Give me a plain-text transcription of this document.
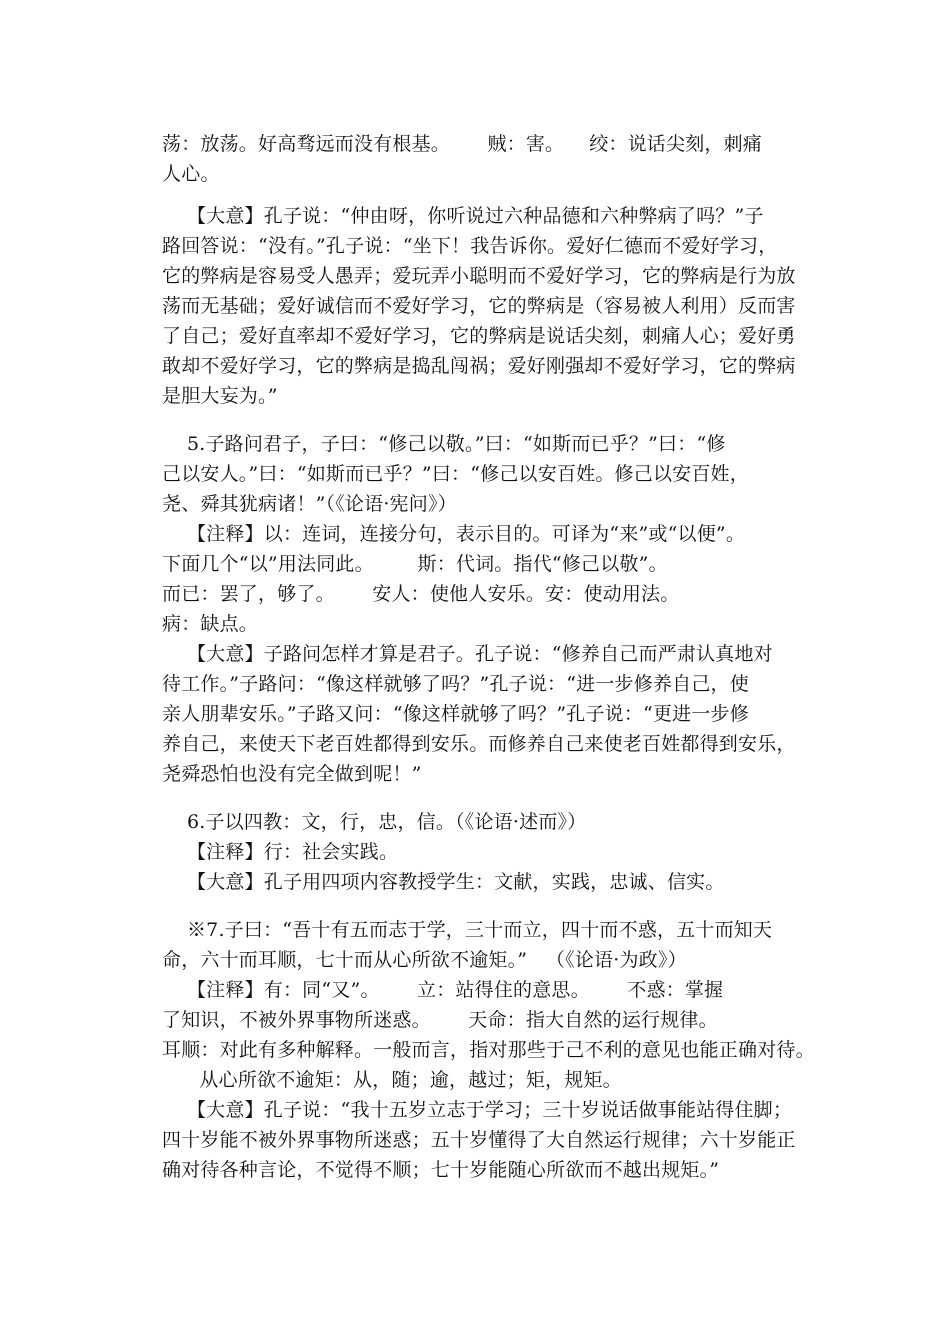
荡：放荡。好高骛远而没有根基。      贼：害。    绞：说话尖刻，刺痛
人心。
【大意】孔子说：“仲由呀，你听说过六种品德和六种弊病了吗？”子
路回答说：“没有。”孔子说：“坐下！我告诉你。爱好仁德而不爱好学习，
它的弊病是容易受人愚弄；爱玩弄小聪明而不爱好学习，它的弊病是行为放
荡而无基础；爱好诚信而不爱好学习，它的弊病是（容易被人利用）反而害
了自己；爱好直率却不爱好学习，它的弊病是说话尖刻，刺痛人心；爱好勇
敢却不爱好学习，它的弊病是捣乱闯祸；爱好刚强却不爱好学习，它的弊病
是胆大妄为。”
5.子路问君子，子曰：“修己以敬。”曰：“如斯而已乎？”曰：“修
己以安人。”曰：“如斯而已乎？”曰：“修己以安百姓。修己以安百姓，
尧、舜其犹病诸！”（《论语·宪问》）
【注释】以：连词，连接分句，表示目的。可译为“来”或“以便”。
下面几个“以”用法同此。       斯：代词。指代“修己以敬”。
而已：罢了，够了。      安人：使他人安乐。安：使动用法。
病：缺点。
【大意】子路问怎样才算是君子。孔子说：“修养自己而严肃认真地对
待工作。”子路问：“像这样就够了吗？”孔子说：“进一步修养自己，使
亲人朋辈安乐。”子路又问：“像这样就够了吗？”孔子说：“更进一步修
养自己，来使天下老百姓都得到安乐。而修养自己来使老百姓都得到安乐，
尧舜恐怕也没有完全做到呢！”
6.子以四教：文，行，忠，信。（《论语·述而》）
【注释】行：社会实践。
【大意】孔子用四项内容教授学生：文献，实践，忠诚、信实。
※7.子曰：“吾十有五而志于学，三十而立，四十而不惑，五十而知天
命，六十而耳顺，七十而从心所欲不逾矩。”   （《论语·为政》）
【注释】有：同“又”。      立：站得住的意思。      不惑：掌握
了知识，不被外界事物所迷惑。      天命：指大自然的运行规律。
耳顺：对此有多种解释。一般而言，指对那些于己不利的意见也能正确对待。
从心所欲不逾矩：从，随；逾，越过；矩，规矩。
【大意】孔子说：“我十五岁立志于学习；三十岁说话做事能站得住脚；
四十岁能不被外界事物所迷惑；五十岁懂得了大自然运行规律；六十岁能正
确对待各种言论，不觉得不顺；七十岁能随心所欲而不越出规矩。”
